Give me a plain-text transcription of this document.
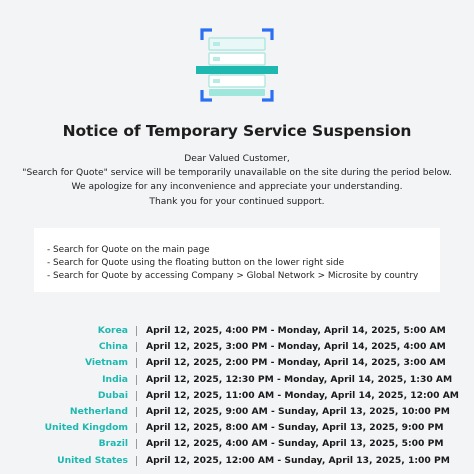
Notice of Temporary Service Suspension
Dear Valued Customer,
"Search for Quote" service will be temporarily unavailable on the site during the period below.
We apologize for any inconvenience and appreciate your understanding.
Thank you for your continued support.
- Search for Quote on the main page
- Search for Quote using the floating button on the lower right side
- Search for Quote by accessing Company > Global Network > Microsite by country
Korea April 12, 2025, 4:00 PM - Monday, April 14, 2025, 5:00 AM
China April 12, 2025, 3:00 PM - Monday, April 14, 2025, 4:00 AM
Vietnam April 12, 2025, 2:00 PM - Monday, April 14, 2025, 3:00 AM
India April 12, 2025, 12:30 PM - Monday, April 14, 2025, 1:30 AM
Dubai April 12, 2025, 11:00 AM - Monday, April 14, 2025, 12:00 AM
Netherland April 12, 2025, 9:00 AM - Sunday, April 13, 2025, 10:00 PM
United Kingdom April 12, 2025, 8:00 AM - Sunday, April 13, 2025, 9:00 PM
Brazil April 12, 2025, 4:00 AM - Sunday, April 13, 2025, 5:00 PM
United States April 12, 2025, 12:00 AM - Sunday, April 13, 2025, 1:00 PM
